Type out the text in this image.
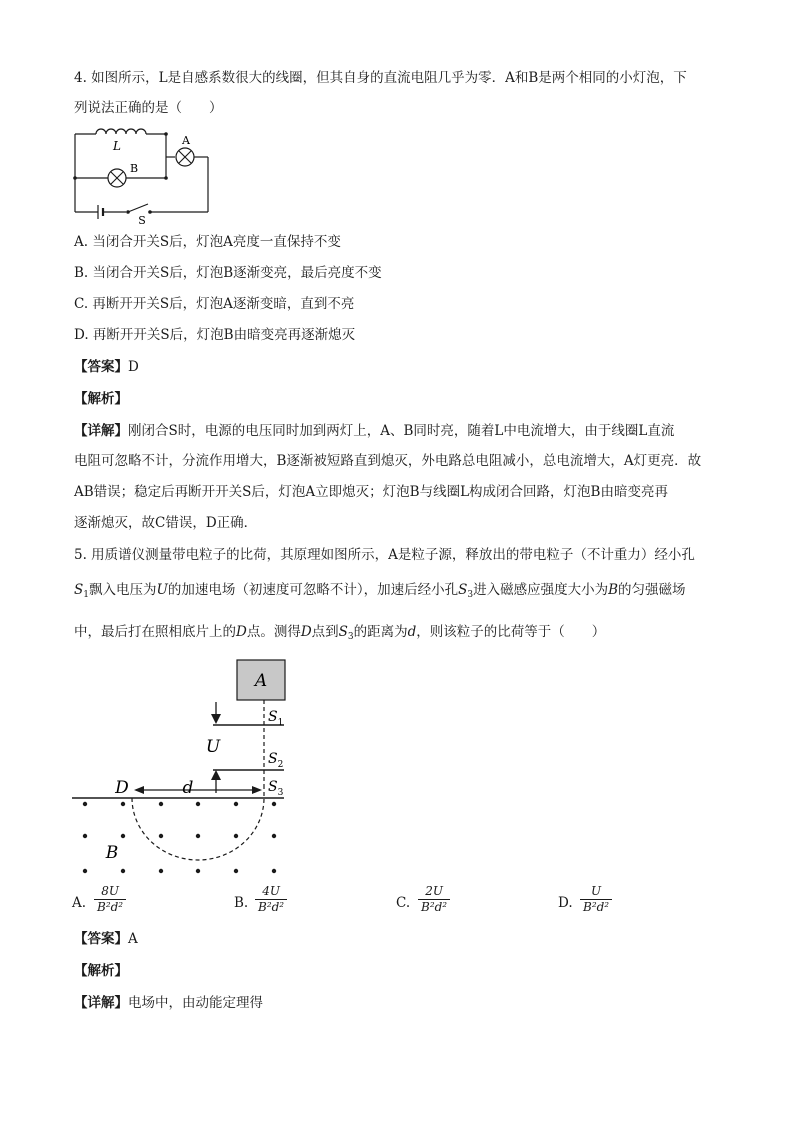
4. 如图所示，L是自感系数很大的线圈，但其自身的直流电阻几乎为零．A和B是两个相同的小灯泡，下
列说法正确的是（　　）
L	A
B
S
A. 当闭合开关S后，灯泡A亮度一直保持不变
B. 当闭合开关S后，灯泡B逐渐变亮，最后亮度不变
C. 再断开开关S后，灯泡A逐渐变暗，直到不亮
D. 再断开开关S后，灯泡B由暗变亮再逐渐熄灭
【答案】D
【解析】
【详解】刚闭合S时，电源的电压同时加到两灯上，A、B同时亮，随着L中电流增大，由于线圈L直流
电阻可忽略不计，分流作用增大，B逐渐被短路直到熄灭，外电路总电阻减小，总电流增大，A灯更亮．故
AB错误；稳定后再断开开关S后，灯泡A立即熄灭；灯泡B与线圈L构成闭合回路，灯泡B由暗变亮再
逐渐熄灭，故C错误，D正确．
5. 用质谱仪测量带电粒子的比荷，其原理如图所示，A是粒子源，释放出的带电粒子（不计重力）经小孔
$S_1$飘入电压为U的加速电场（初速度可忽略不计），加速后经小孔$S_3$进入磁感应强度大小为B的匀强磁场
中，最后打在照相底片上的D点。测得D点到$S_3$的距离为d，则该粒子的比荷等于（　　）
A
$S_1$
$S_2$
U
$S_3$
D	d
B
A.
8U
B²d²	B.
4U
B²d²	C.
2U
B²d²	D.
U
B²d²
【答案】A
【解析】
【详解】电场中，由动能定理得
